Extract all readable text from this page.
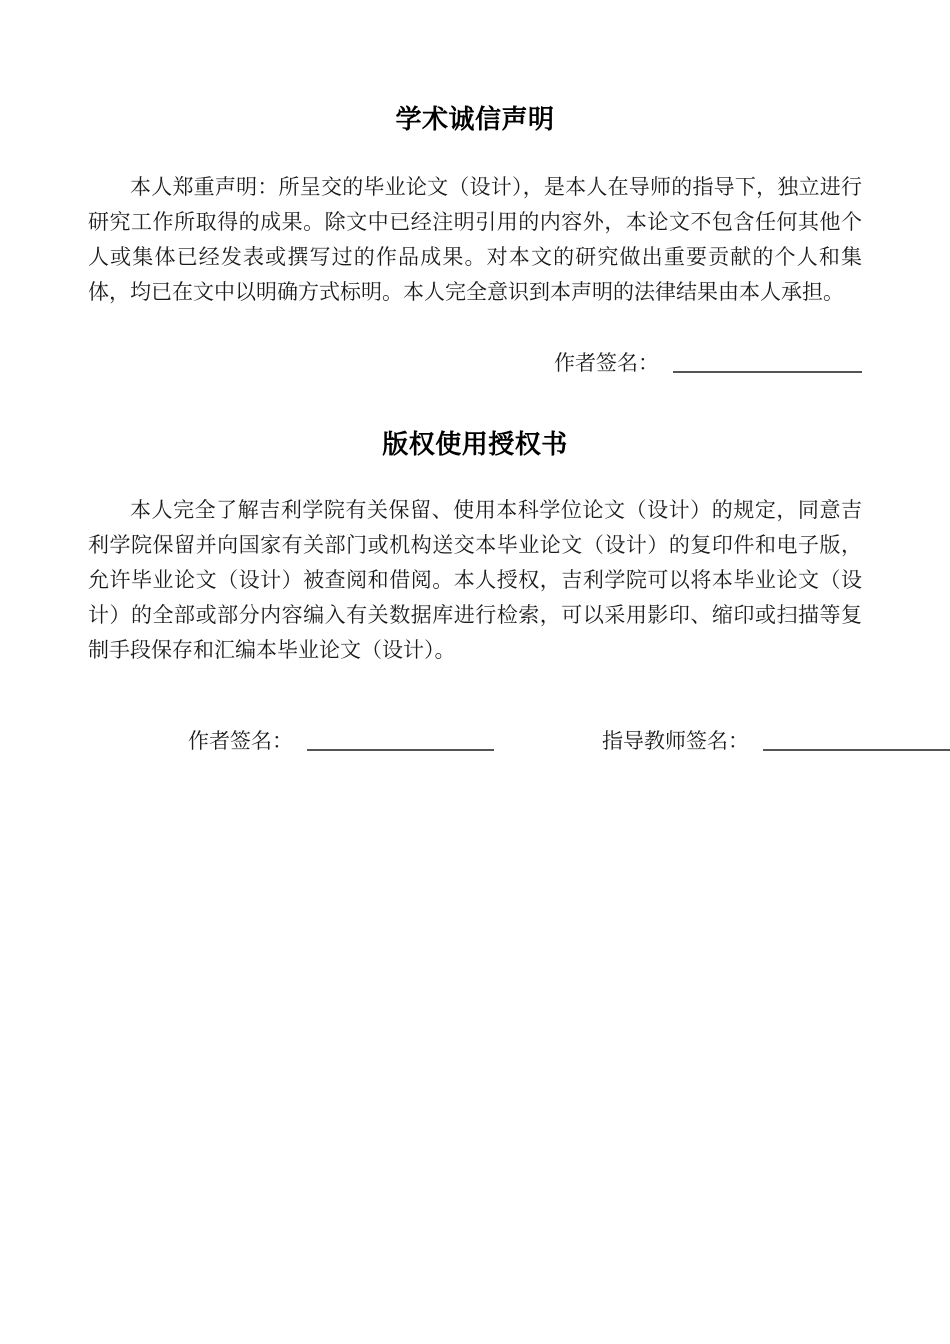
学术诚信声明

本人郑重声明：所呈交的毕业论文（设计），是本人在导师的指导下，独立进行研究工作所取得的成果。除文中已经注明引用的内容外，本论文不包含任何其他个人或集体已经发表或撰写过的作品成果。对本文的研究做出重要贡献的个人和集体，均已在文中以明确方式标明。本人完全意识到本声明的法律结果由本人承担。

作者签名：
版权使用授权书

本人完全了解吉利学院有关保留、使用本科学位论文（设计）的规定，同意吉利学院保留并向国家有关部门或机构送交本毕业论文（设计）的复印件和电子版，允许毕业论文（设计）被查阅和借阅。本人授权，吉利学院可以将本毕业论文（设计）的全部或部分内容编入有关数据库进行检索，可以采用影印、缩印或扫描等复制手段保存和汇编本毕业论文（设计）。

作者签名：	指导教师签名：
